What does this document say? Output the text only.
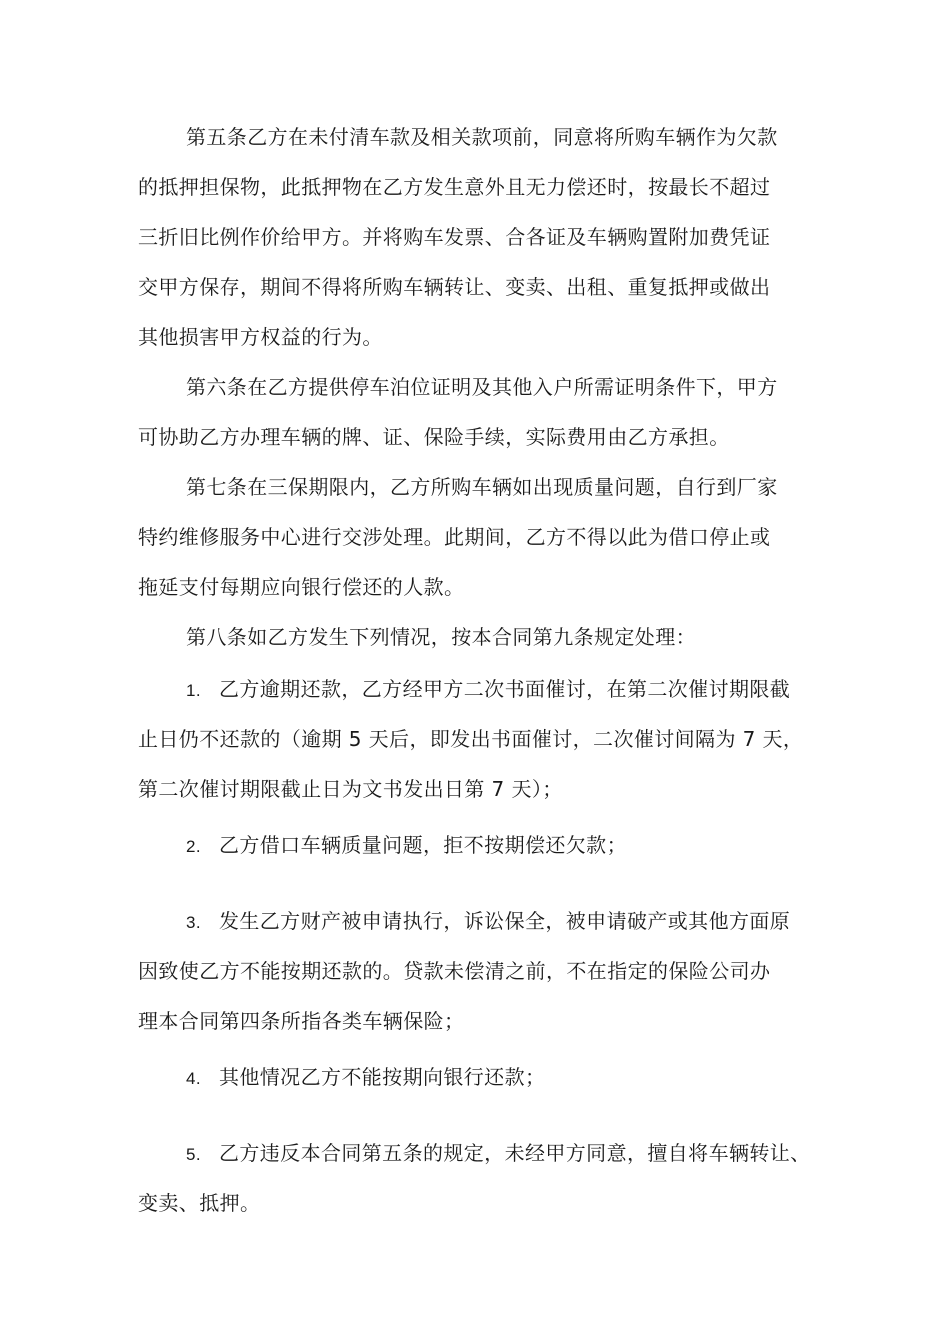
第五条乙方在未付清车款及相关款项前，同意将所购车辆作为欠款
的抵押担保物，此抵押物在乙方发生意外且无力偿还时，按最长不超过
三折旧比例作价给甲方。并将购车发票、合各证及车辆购置附加费凭证
交甲方保存，期间不得将所购车辆转让、变卖、出租、重复抵押或做出
其他损害甲方权益的行为。
第六条在乙方提供停车泊位证明及其他入户所需证明条件下，甲方
可协助乙方办理车辆的牌、证、保险手续，实际费用由乙方承担。
第七条在三保期限内，乙方所购车辆如出现质量问题，自行到厂家
特约维修服务中心进行交涉处理。此期间，乙方不得以此为借口停止或
拖延支付每期应向银行偿还的人款。
第八条如乙方发生下列情况，按本合同第九条规定处理：
1. 乙方逾期还款，乙方经甲方二次书面催讨，在第二次催讨期限截
止日仍不还款的（逾期 5 天后，即发出书面催讨，二次催讨间隔为 7 天，
第二次催讨期限截止日为文书发出日第 7 天）；
2. 乙方借口车辆质量问题，拒不按期偿还欠款；
3. 发生乙方财产被申请执行，诉讼保全，被申请破产或其他方面原
因致使乙方不能按期还款的。贷款未偿清之前，不在指定的保险公司办
理本合同第四条所指各类车辆保险；
4. 其他情况乙方不能按期向银行还款；
5. 乙方违反本合同第五条的规定，未经甲方同意，擅自将车辆转让、
变卖、抵押。
